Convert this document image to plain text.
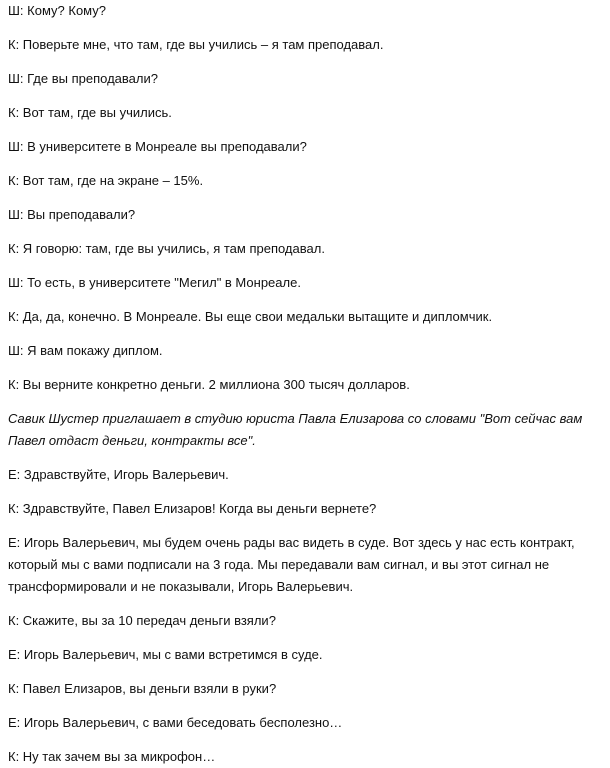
Ш: Кому? Кому?

К: Поверьте мне, что там, где вы учились – я там преподавал.

Ш: Где вы преподавали?

К: Вот там, где вы учились.

Ш: В университете в Монреале вы преподавали?

К: Вот там, где на экране – 15%.

Ш: Вы преподавали?

К: Я говорю: там, где вы учились, я там преподавал.

Ш: То есть, в университете "Мегил" в Монреале.

К: Да, да, конечно. В Монреале. Вы еще свои медальки вытащите и дипломчик.

Ш: Я вам покажу диплом.

К: Вы верните конкретно деньги. 2 миллиона 300 тысяч долларов.

Савик Шустер приглашает в студию юриста Павла Елизарова со словами "Вот сейчас вам Павел отдаст деньги, контракты все".

Е: Здравствуйте, Игорь Валерьевич.

К: Здравствуйте, Павел Елизаров! Когда вы деньги вернете?

Е: Игорь Валерьевич, мы будем очень рады вас видеть в суде. Вот здесь у нас есть контракт, который мы с вами подписали на 3 года. Мы передавали вам сигнал, и вы этот сигнал не трансформировали и не показывали, Игорь Валерьевич.

К: Скажите, вы за 10 передач деньги взяли?

Е: Игорь Валерьевич, мы с вами встретимся в суде.

К: Павел Елизаров, вы деньги взяли в руки?

Е: Игорь Валерьевич, с вами беседовать бесполезно…

К: Ну так зачем вы за микрофон…
